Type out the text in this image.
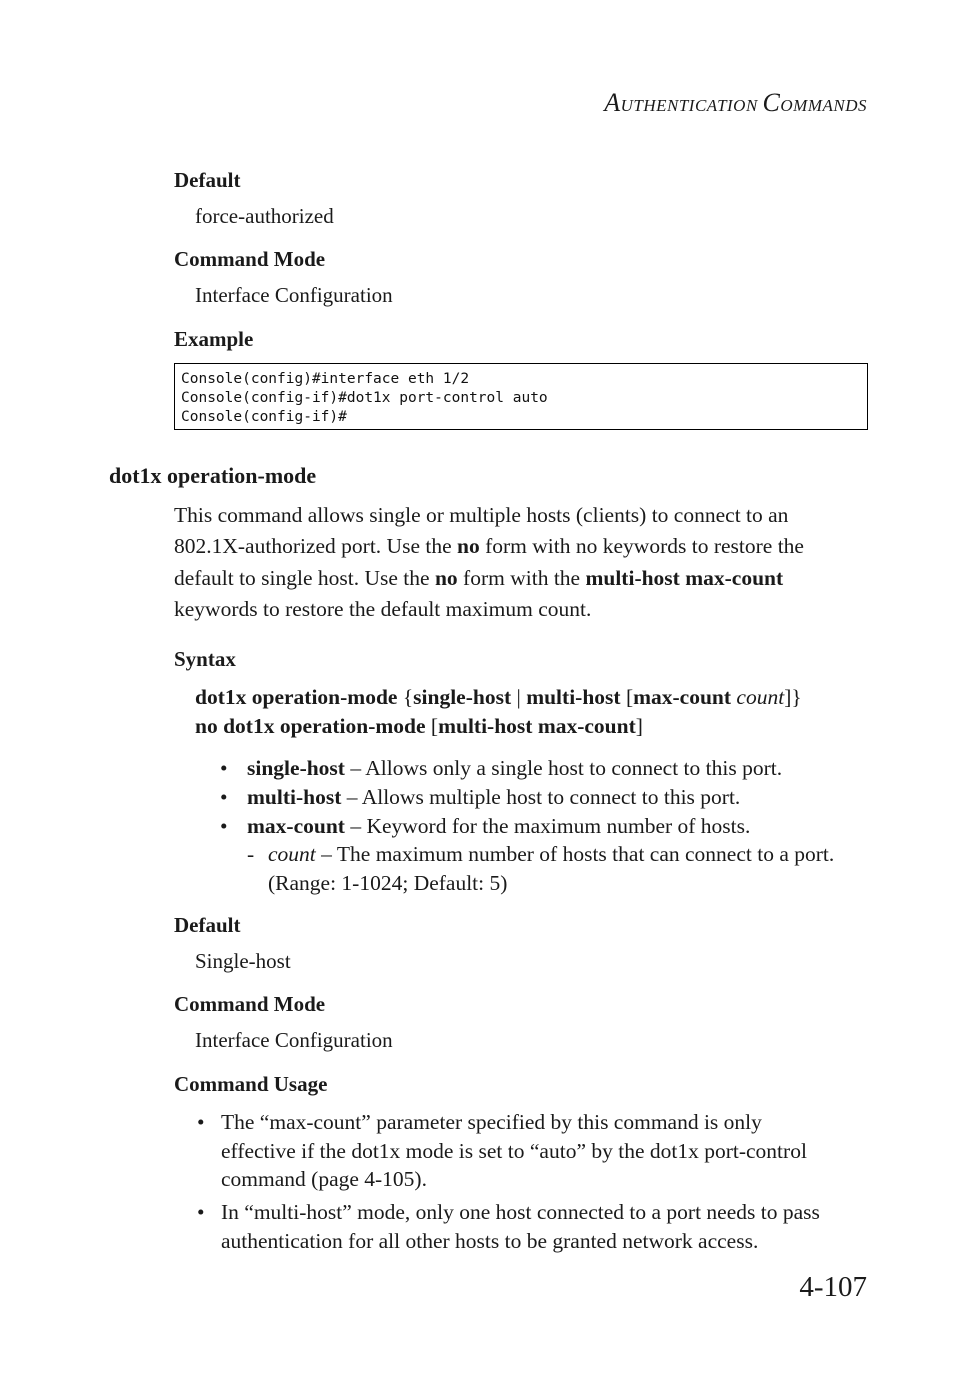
AUTHENTICATION COMMANDS
Default
force-authorized
Command Mode
Interface Configuration
Example
Console(config)#interface eth 1/2
Console(config-if)#dot1x port-control auto
Console(config-if)#
dot1x operation-mode
This command allows single or multiple hosts (clients) to connect to an
802.1X-authorized port. Use the no form with no keywords to restore the
default to single host. Use the no form with the multi-host max-count
keywords to restore the default maximum count.
Syntax
dot1x operation-mode {single-host | multi-host [max-count count]}
no dot1x operation-mode [multi-host max-count]
• single-host – Allows only a single host to connect to this port.
• multi-host – Allows multiple host to connect to this port.
• max-count – Keyword for the maximum number of hosts.
- count – The maximum number of hosts that can connect to a port.
(Range: 1-1024; Default: 5)
Default
Single-host
Command Mode
Interface Configuration
Command Usage
• The “max-count” parameter specified by this command is only
effective if the dot1x mode is set to “auto” by the dot1x port-control
command (page 4-105).
• In “multi-host” mode, only one host connected to a port needs to pass
authentication for all other hosts to be granted network access.
4-107
